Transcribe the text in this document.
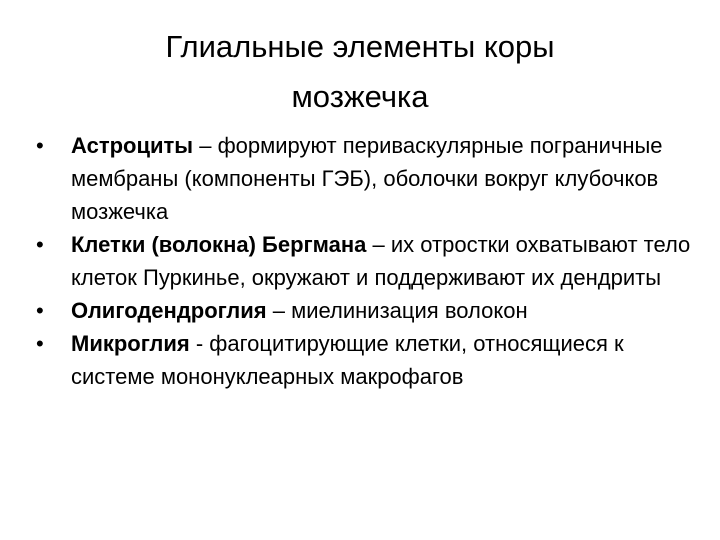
Глиальные элементы коры
мозжечка
•	Астроциты – формируют периваскулярные пограничные мембраны (компоненты ГЭБ), оболочки вокруг клубочков мозжечка
•	Клетки (волокна) Бергмана – их отростки охватывают тело клеток Пуркинье, окружают и поддерживают их дендриты
•	Олигодендроглия – миелинизация волокон
•	Микроглия - фагоцитирующие клетки, относящиеся к системе мононуклеарных макрофагов
